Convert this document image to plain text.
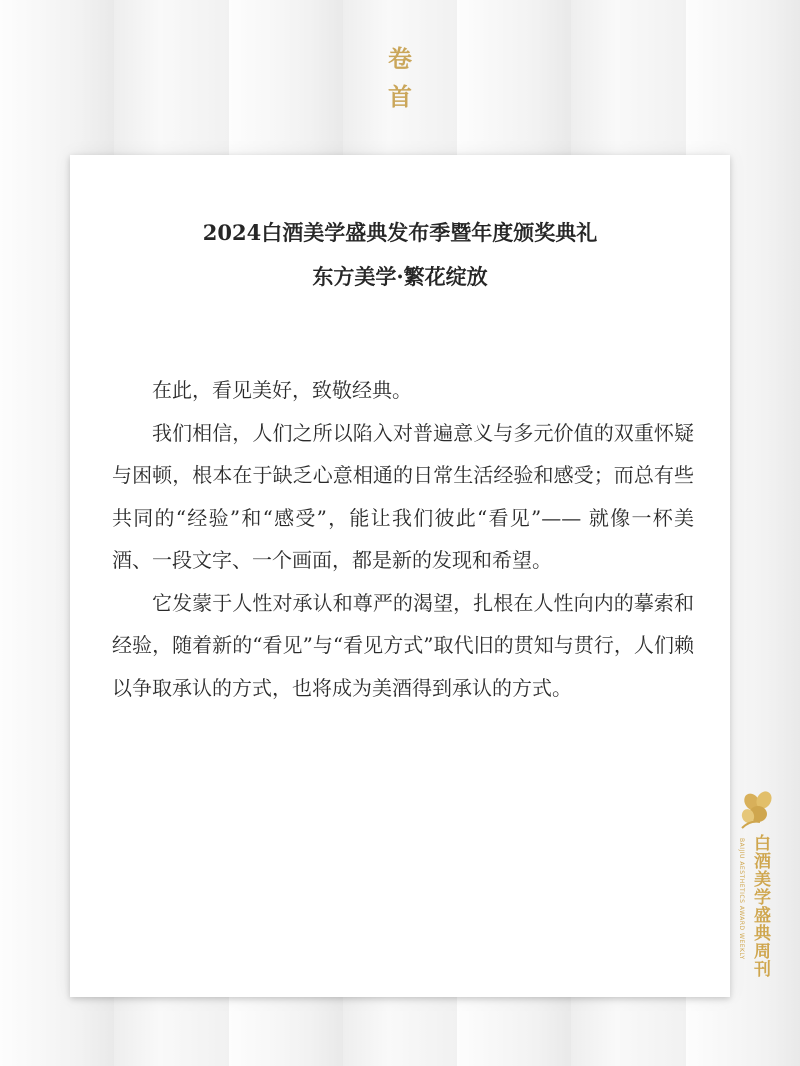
卷
首
2024白酒美学盛典发布季暨年度颁奖典礼
东方美学·繁花绽放

在此，看见美好，致敬经典。

我们相信，人们之所以陷入对普遍意义与多元价值的双重怀疑与困顿，根本在于缺乏心意相通的日常生活经验和感受；而总有些共同的“经验”和“感受”，能让我们彼此“看见”—— 就像一杯美酒、一段文字、一个画面，都是新的发现和希望。

它发蒙于人性对承认和尊严的渴望，扎根在人性向内的摹索和经验，随着新的“看见”与“看见方式”取代旧的贯知与贯行，人们赖以争取承认的方式，也将成为美酒得到承认的方式。

白酒美学盛典周刊
BAIJIU AESTHETICS AWARD WEEKLY
